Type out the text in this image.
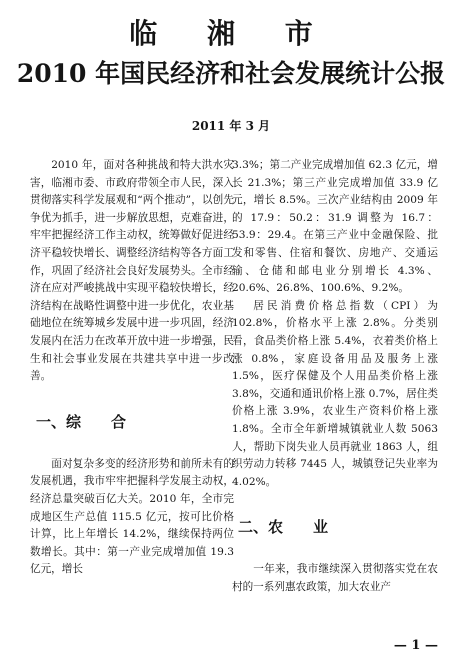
临 湘 市
2010 年国民经济和社会发展统计公报
2011 年 3 月

2010 年，面对各种挑战和特大洪水灾害，临湘市委、市政府带领全市人民，深入贯彻落实科学发展观和“两个推动”，以创先争优为抓手，进一步解放思想，克难奋进，牢牢把握经济工作主动权，统筹做好促进经济平稳较快增长、调整经济结构等各方面工作，巩固了经济社会良好发展势头。全市经济在应对严峻挑战中实现平稳较快增长，经济结构在战略性调整中进一步优化，农业基础地位在统筹城乡发展中进一步巩固，经济发展内在活力在改革开放中进一步增强，民生和社会事业发展在共建共享中进一步改善。

一、综　　合

面对复杂多变的经济形势和前所未有的发展机遇，我市牢牢把握科学发展主动权，经济总量突破百亿大关。2010 年，全市完成地区生产总值 115.5 亿元，按可比价格计算，比上年增长 14.2%，继续保持两位数增长。其中：第一产业完成增加值 19.3 亿元，增长

3.3%；第二产业完成增加值 62.3 亿元，增长 21.3%；第三产业完成增加值 33.9 亿元，增长 8.5%。三次产业结构由 2009 年的 17.9：50.2：31.9 调整为 16.7：53.9：29.4。在第三产业中金融保险、批发和零售、住宿和餐饮、房地产、交通运输、仓储和邮电业分别增长 4.3%、20.6%、26.8%、100.6%、9.2%。

居民消费价格总指数（CPI）为 102.8%，价格水平上涨 2.8%。分类别看，食品类价格上涨 5.4%，衣着类价格上涨 0.8%，家庭设备用品及服务上涨 1.5%，医疗保健及个人用品类价格上涨 3.8%，交通和通讯价格上涨 0.7%，居住类价格上涨 3.9%，农业生产资料价格上涨 1.8%。全市全年新增城镇就业人数 5063 人，帮助下岗失业人员再就业 1863 人，组织劳动力转移 7445 人，城镇登记失业率为 4.02%。

二、农　　业

一年来，我市继续深入贯彻落实党在农村的一系列惠农政策，加大农业产

— 1 —
